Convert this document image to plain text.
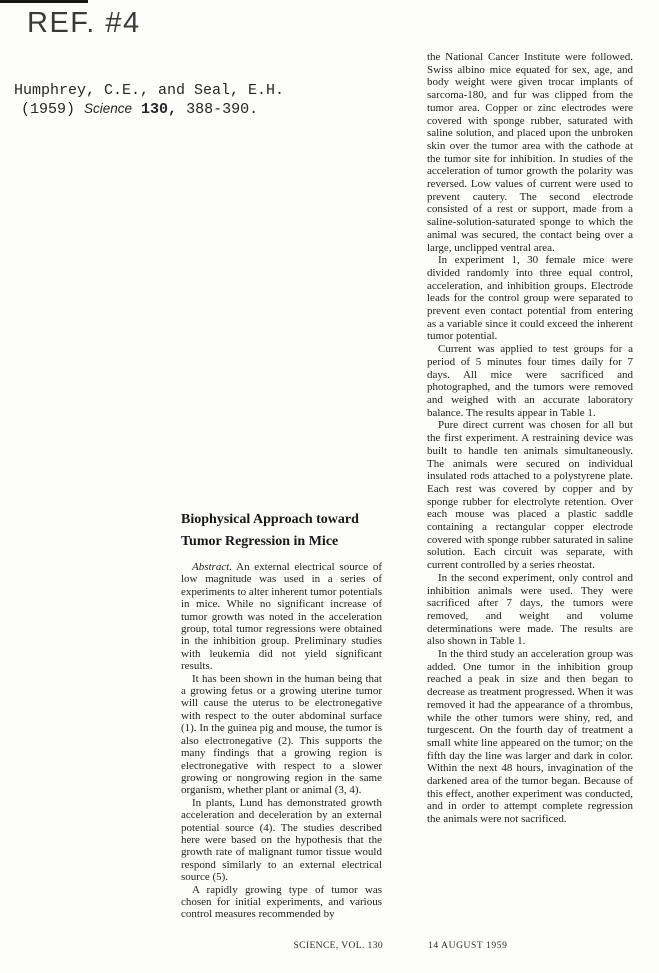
REF. #4
Humphrey, C.E., and Seal, E.H.
(1959) Science 130, 388-390.
Biophysical Approach toward
Tumor Regression in Mice

Abstract. An external electrical source of low magnitude was used in a series of experiments to alter inherent tumor potentials in mice. While no significant increase of tumor growth was noted in the acceleration group, total tumor regressions were obtained in the inhibition group. Preliminary studies with leukemia did not yield significant results.

It has been shown in the human being that a growing fetus or a growing uterine tumor will cause the uterus to be electronegative with respect to the outer abdominal surface (1). In the guinea pig and mouse, the tumor is also electronegative (2). This supports the many findings that a growing region is electronegative with respect to a slower growing or nongrowing region in the same organism, whether plant or animal (3, 4).

In plants, Lund has demonstrated growth acceleration and deceleration by an external potential source (4). The studies described here were based on the hypothesis that the growth rate of malignant tumor tissue would respond similarly to an external electrical source (5).

A rapidly growing type of tumor was chosen for initial experiments, and various control measures recommended by

the National Cancer Institute were followed. Swiss albino mice equated for sex, age, and body weight were given trocar implants of sarcoma-180, and fur was clipped from the tumor area. Copper or zinc electrodes were covered with sponge rubber, saturated with saline solution, and placed upon the unbroken skin over the tumor area with the cathode at the tumor site for inhibition. In studies of the acceleration of tumor growth the polarity was reversed. Low values of current were used to prevent cautery. The second electrode consisted of a rest or support, made from a saline-solution-saturated sponge to which the animal was secured, the contact being over a large, unclipped ventral area.

In experiment 1, 30 female mice were divided randomly into three equal control, acceleration, and inhibition groups. Electrode leads for the control group were separated to prevent even contact potential from entering as a variable since it could exceed the inherent tumor potential.

Current was applied to test groups for a period of 5 minutes four times daily for 7 days. All mice were sacrificed and photographed, and the tumors were removed and weighed with an accurate laboratory balance. The results appear in Table 1.

Pure direct current was chosen for all but the first experiment. A restraining device was built to handle ten animals simultaneously. The animals were secured on individual insulated rods attached to a polystyrene plate. Each rest was covered by copper and by sponge rubber for electrolyte retention. Over each mouse was placed a plastic saddle containing a rectangular copper electrode covered with sponge rubber saturated in saline solution. Each circuit was separate, with current controlled by a series rheostat.

In the second experiment, only control and inhibition animals were used. They were sacrificed after 7 days, the tumors were removed, and weight and volume determinations were made. The results are also shown in Table 1.

In the third study an acceleration group was added. One tumor in the inhibition group reached a peak in size and then began to decrease as treatment progressed. When it was removed it had the appearance of a thrombus, while the other tumors were shiny, red, and turgescent. On the fourth day of treatment a small white line appeared on the tumor; on the fifth day the line was larger and dark in color. Within the next 48 hours, invagination of the darkened area of the tumor began. Because of this effect, another experiment was conducted, and in order to attempt complete regression the animals were not sacrificed.

SCIENCE, VOL. 130	14 AUGUST 1959
